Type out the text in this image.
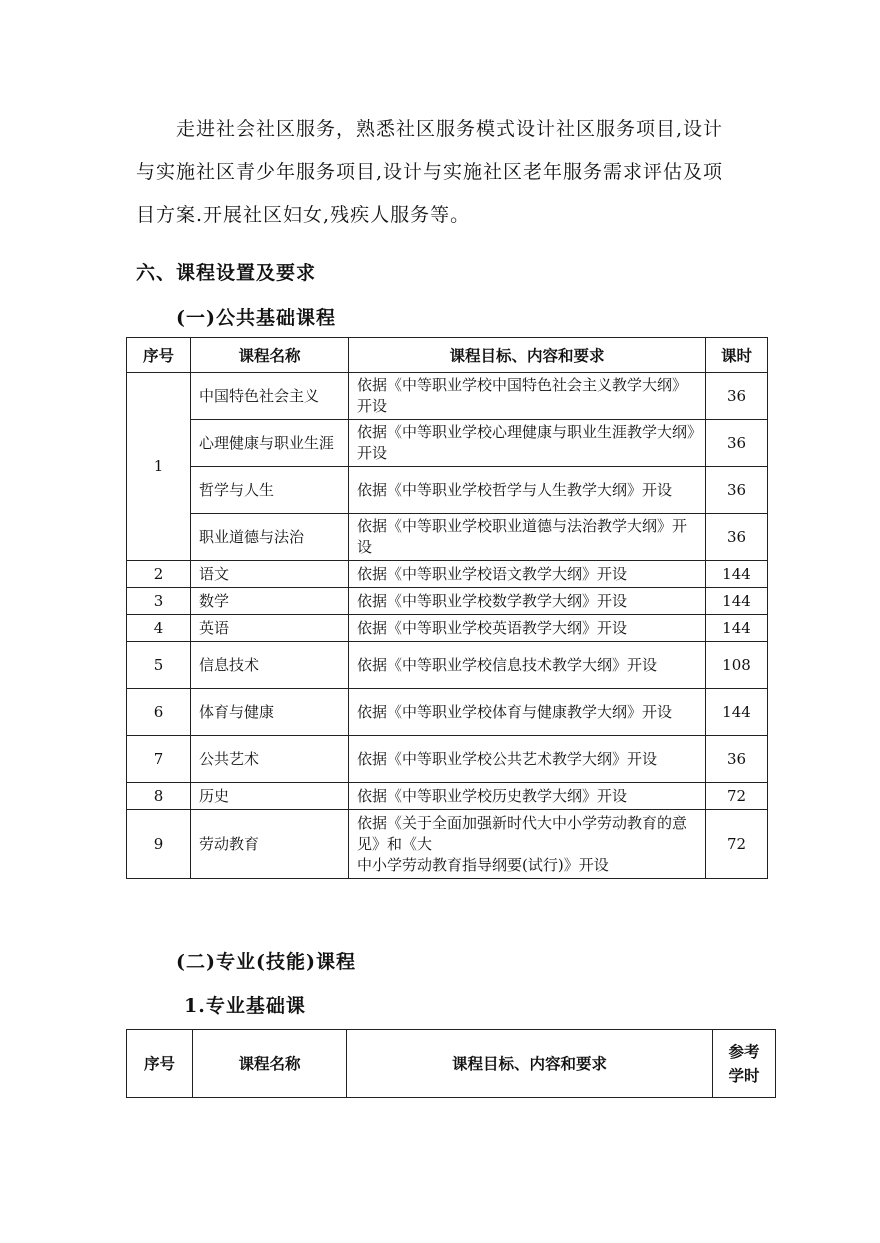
走进社会社区服务，熟悉社区服务模式设计社区服务项目,设计

与实施社区青少年服务项目,设计与实施社区老年服务需求评估及项

目方案.开展社区妇女,残疾人服务等。

六、课程设置及要求
(一)公共基础课程
序号	课程名称	课程目标、内容和要求	课时
1	中国特色社会主义	依据《中等职业学校中国特色社会主义教学大纲》开设	36
	心理健康与职业生涯	依据《中等职业学校心理健康与职业生涯教学大纲》开设	36
	哲学与人生	依据《中等职业学校哲学与人生教学大纲》开设	36
	职业道德与法治	依据《中等职业学校职业道德与法治教学大纲》开设	36
2	语文	依据《中等职业学校语文教学大纲》开设	144
3	数学	依据《中等职业学校数学教学大纲》开设	144
4	英语	依据《中等职业学校英语教学大纲》开设	144
5	信息技术	依据《中等职业学校信息技术教学大纲》开设	108
6	体育与健康	依据《中等职业学校体育与健康教学大纲》开设	144
7	公共艺术	依据《中等职业学校公共艺术教学大纲》开设	36
8	历史	依据《中等职业学校历史教学大纲》开设	72
9	劳动教育	依据《关于全面加强新时代大中小学劳动教育的意见》和《大
中小学劳动教育指导纲要(试行)》开设	72
(二)专业(技能)课程
1.专业基础课
序号	课程名称	课程目标、内容和要求	参考
学时
